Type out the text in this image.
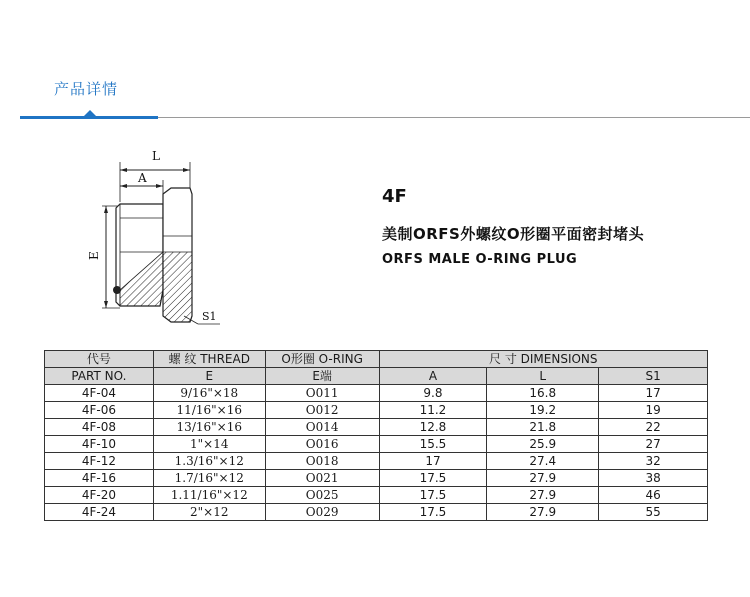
产品详情
L
A
E
S1
4F
美制ORFS外螺纹O形圈平面密封堵头
ORFS MALE O-RING PLUG
代号	螺 纹 THREAD	O形圈 O-RING	尺 寸 DIMENSIONS		
PART NO.	E	E端	A	L	S1
4F-04	9/16"×18	O011	9.8	16.8	17
4F-06	11/16"×16	O012	11.2	19.2	19
4F-08	13/16"×16	O014	12.8	21.8	22
4F-10	1"×14	O016	15.5	25.9	27
4F-12	1.3/16"×12	O018	17	27.4	32
4F-16	1.7/16"×12	O021	17.5	27.9	38
4F-20	1.11/16"×12	O025	17.5	27.9	46
4F-24	2"×12	O029	17.5	27.9	55
